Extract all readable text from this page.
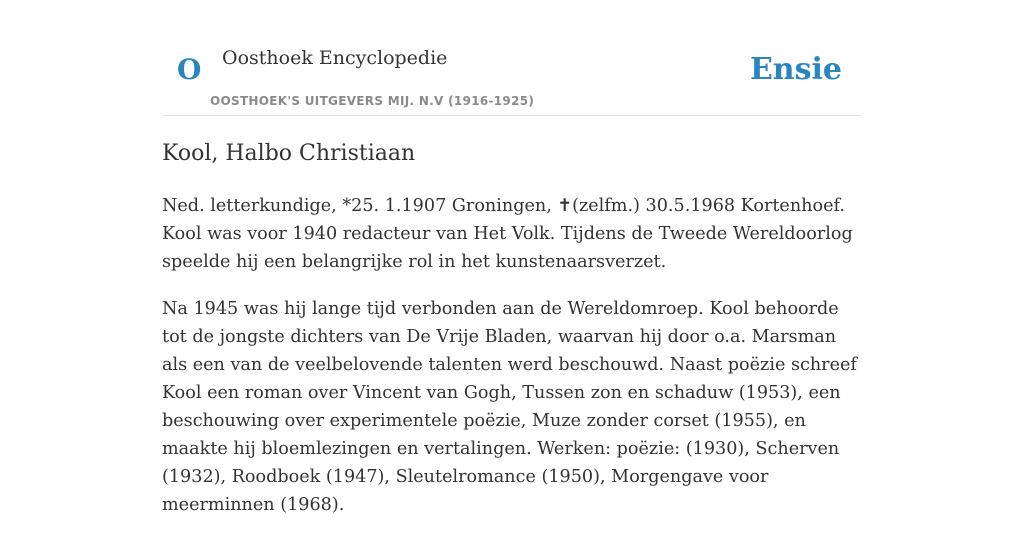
O Oosthoek Encyclopedie
OOSTHOEK'S UITGEVERS MIJ. N.V (1916-1925)
Ensie
Kool, Halbo Christiaan

Ned. letterkundige, *25. 1.1907 Groningen, ✝(zelfm.) 30.5.1968 Kortenhoef. Kool was voor 1940 redacteur van Het Volk. Tijdens de Tweede Wereldoorlog speelde hij een belangrijke rol in het kunstenaarsverzet.

Na 1945 was hij lange tijd verbonden aan de Wereldomroep. Kool behoorde tot de jongste dichters van De Vrije Bladen, waarvan hij door o.a. Marsman als een van de veelbelovende talenten werd beschouwd. Naast poëzie schreef Kool een roman over Vincent van Gogh, Tussen zon en schaduw (1953), een beschouwing over experimentele poëzie, Muze zonder corset (1955), en maakte hij bloemlezingen en vertalingen. Werken: poëzie: (1930), Scherven (1932), Roodboek (1947), Sleutelromance (1950), Morgengave voor meerminnen (1968).
